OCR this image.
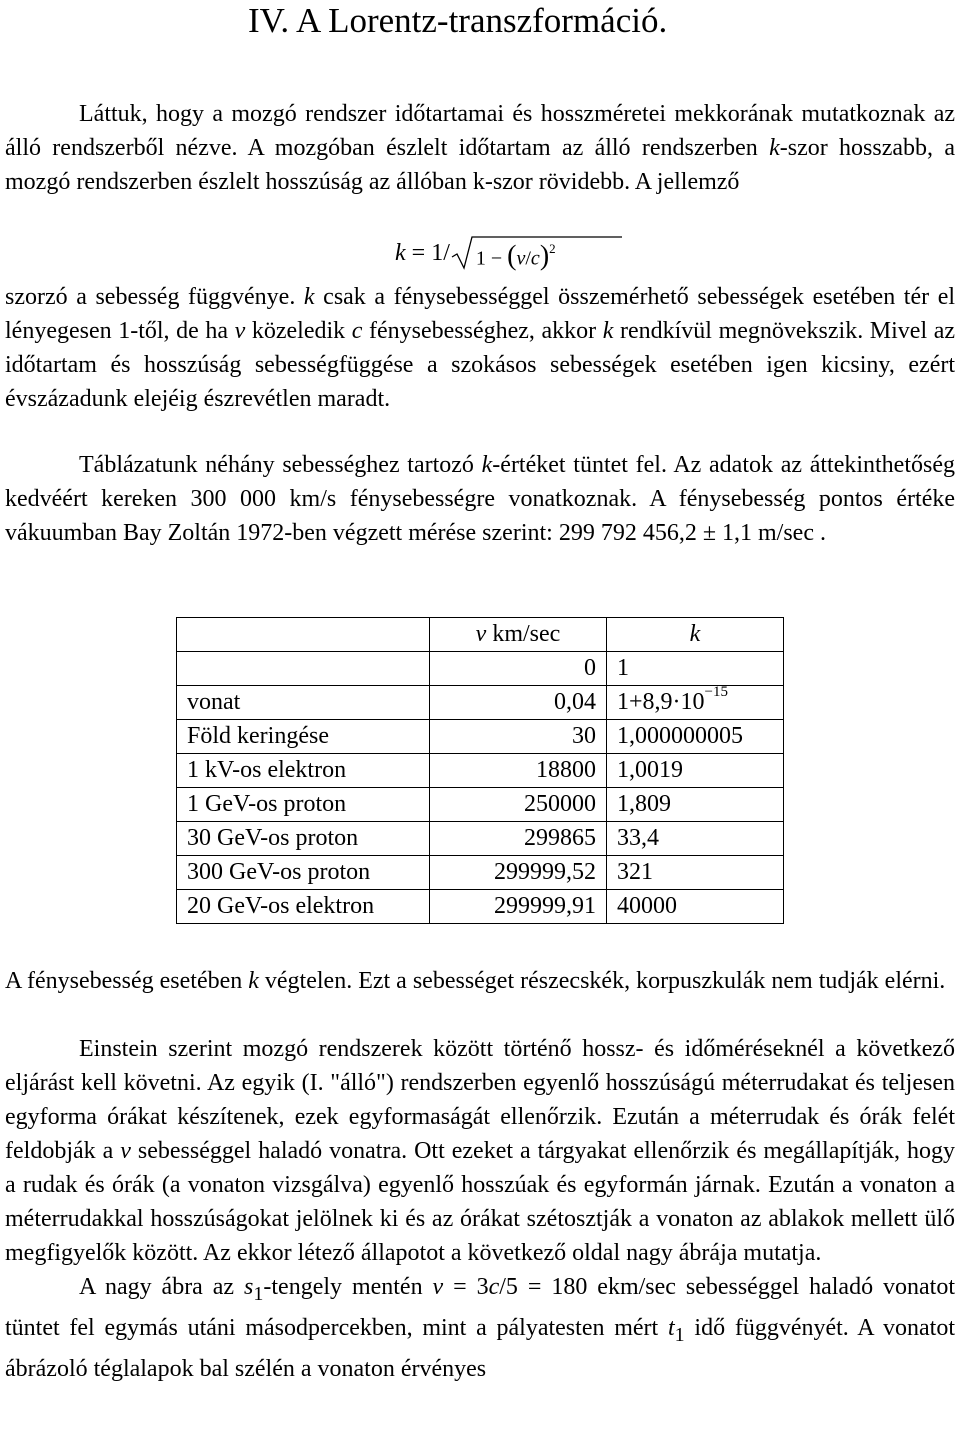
IV. A Lorentz-transzformáció.

Láttuk, hogy a mozgó rendszer időtartamai és hosszméretei mekkorának mutatkoznak az álló rendszerből nézve. A mozgóban észlelt időtartam az álló rendszerben k-szor hosszabb, a mozgó rendszerben észlelt hosszúság az állóban k-szor rövidebb. A jellemző

k = 1/ $1 - (v/c)^2$

szorzó a sebesség függvénye. k csak a fénysebességgel összemérhető sebességek esetében tér el lényegesen 1-től, de ha v közeledik c fénysebességhez, akkor k rendkívül megnövekszik. Mivel az időtartam és hosszúság sebességfüggése a szokásos sebességek esetében igen kicsiny, ezért évszázadunk elejéig észrevétlen maradt.

Táblázatunk néhány sebességhez tartozó k-értéket tüntet fel. Az adatok az áttekinthetőség kedvéért kereken 300 000 km/s fénysebességre vonatkoznak. A fénysebesség pontos értéke vákuumban Bay Zoltán 1972-ben végzett mérése szerint: 299 792 456,2 ± 1,1 m/sec .

	v km/sec	k
	0	1
vonat	0,04	$1+8,9\cdot 10^{-15}$
Föld keringése	30	1,000000005
1 kV-os elektron	18800	1,0019
1 GeV-os proton	250000	1,809
30 GeV-os proton	299865	33,4
300 GeV-os proton	299999,52	321
20 GeV-os elektron	299999,91	40000

A fénysebesség esetében k végtelen. Ezt a sebességet részecskék, korpuszkulák nem tudják elérni.

Einstein szerint mozgó rendszerek között történő hossz- és időméréseknél a következő eljárást kell követni. Az egyik (I. "álló") rendszerben egyenlő hosszúságú méterrudakat és teljesen egyforma órákat készítenek, ezek egyformaságát ellenőrzik. Ezután a méterrudak és órák felét feldobják a v sebességgel haladó vonatra. Ott ezeket a tárgyakat ellenőrzik és megállapítják, hogy a rudak és órák (a vonaton vizsgálva) egyenlő hosszúak és egyformán járnak. Ezután a vonaton a méterrudakkal hosszúságokat jelölnek ki és az órákat szétosztják a vonaton az ablakok mellett ülő megfigyelők között. Az ekkor létező állapotot a következő oldal nagy ábrája mutatja.

A nagy ábra az $s_1$-tengely mentén v = 3c/5 = 180 ekm/sec sebességgel haladó vonatot tüntet fel egymás utáni másodpercekben, mint a pályatesten mért $t_1$ idő függvényét. A vonatot ábrázoló téglalapok bal szélén a vonaton érvényes
